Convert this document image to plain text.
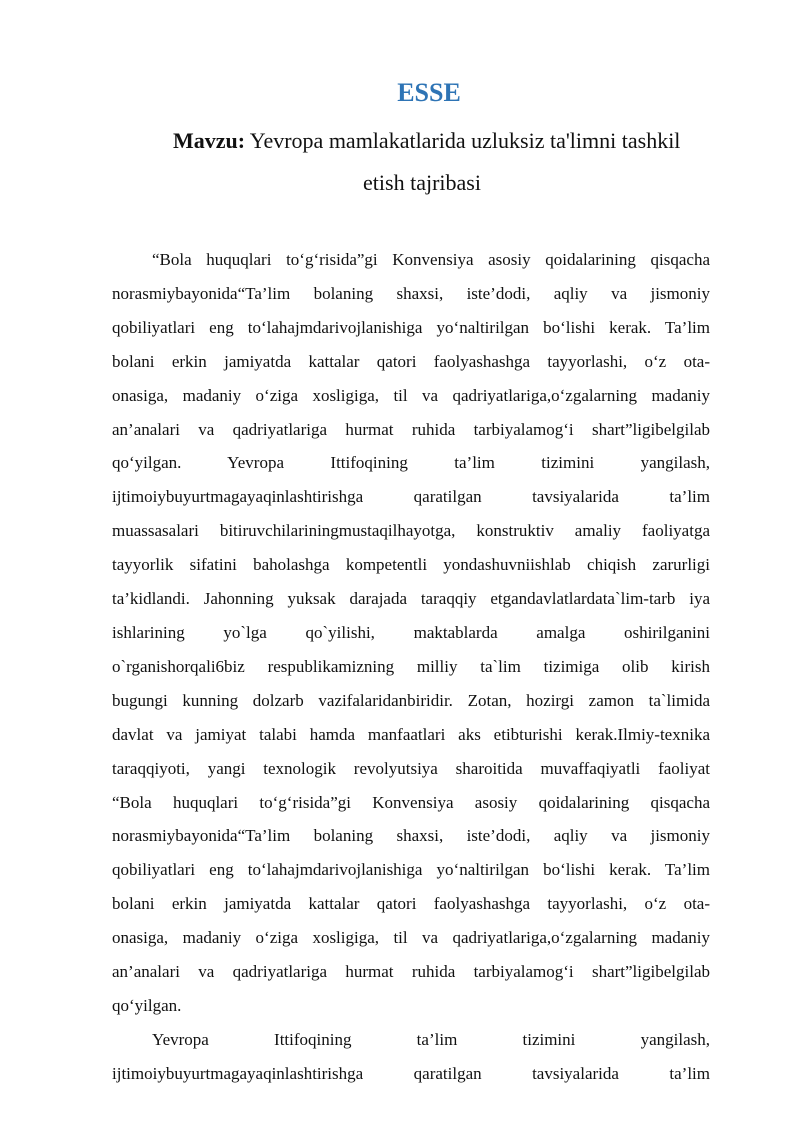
ESSE
Mavzu: Yevropa mamlakatlarida uzluksiz ta'limni tashkil
etish tajribasi
“Bola huquqlari to‘g‘risida”gi Konvensiya asosiy qoidalarining qisqacha
norasmiybayonida“Ta’lim bolaning shaxsi, iste’dodi, aqliy va jismoniy
qobiliyatlari eng to‘lahajmdarivojlanishiga yo‘naltirilgan bo‘lishi kerak. Ta’lim
bolani erkin jamiyatda kattalar qatori faolyashashga tayyorlashi, o‘z ota-
onasiga, madaniy o‘ziga xosligiga, til va qadriyatlariga,o‘zgalarning madaniy
an’analari va qadriyatlariga hurmat ruhida tarbiyalamog‘i shart”ligibelgilab
qo‘yilgan. Yevropa Ittifoqining ta’lim tizimini yangilash,
ijtimoiybuyurtmagayaqinlashtirishga qaratilgan tavsiyalarida ta’lim
muassasalari bitiruvchilariningmustaqilhayotga, konstruktiv amaliy faoliyatga
tayyorlik sifatini baholashga kompetentli yondashuvniishlab chiqish zarurligi
ta’kidlandi. Jahonning yuksak darajada taraqqiy etgandavlatlardata`lim-tarb iya
ishlarining yo`lga qo`yilishi, maktablarda amalga oshirilganini
o`rganishorqali6biz respublikamizning milliy ta`lim tizimiga olib kirish
bugungi kunning dolzarb vazifalaridanbiridir. Zotan, hozirgi zamon ta`limida
davlat va jamiyat talabi hamda manfaatlari aks etibturishi kerak.Ilmiy-texnika
taraqqiyoti, yangi texnologik revolyutsiya sharoitida muvaffaqiyatli faoliyat
“Bola huquqlari to‘g‘risida”gi Konvensiya asosiy qoidalarining qisqacha
norasmiybayonida“Ta’lim bolaning shaxsi, iste’dodi, aqliy va jismoniy
qobiliyatlari eng to‘lahajmdarivojlanishiga yo‘naltirilgan bo‘lishi kerak. Ta’lim
bolani erkin jamiyatda kattalar qatori faolyashashga tayyorlashi, o‘z ota-
onasiga, madaniy o‘ziga xosligiga, til va qadriyatlariga,o‘zgalarning madaniy
an’analari va qadriyatlariga hurmat ruhida tarbiyalamog‘i shart”ligibelgilab
qo‘yilgan.
Yevropa Ittifoqining ta’lim tizimini yangilash,
ijtimoiybuyurtmagayaqinlashtirishga qaratilgan tavsiyalarida ta’lim
